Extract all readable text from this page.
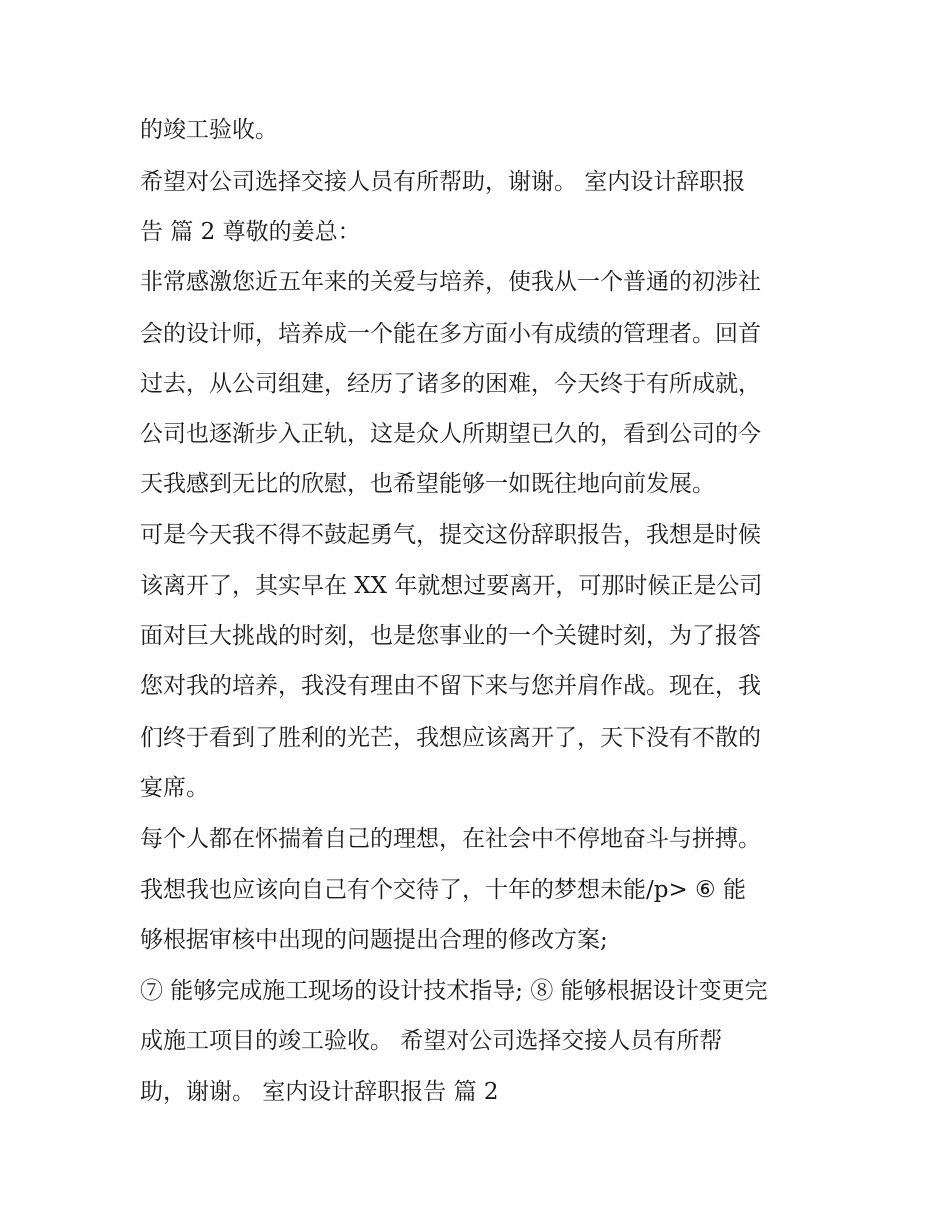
的竣工验收。
希望对公司选择交接人员有所帮助，谢谢。 室内设计辞职报
告 篇 2 尊敬的姜总：
非常感激您近五年来的关爱与培养，使我从一个普通的初涉社
会的设计师，培养成一个能在多方面小有成绩的管理者。回首
过去，从公司组建，经历了诸多的困难，今天终于有所成就，
公司也逐渐步入正轨，这是众人所期望已久的，看到公司的今
天我感到无比的欣慰，也希望能够一如既往地向前发展。
可是今天我不得不鼓起勇气，提交这份辞职报告，我想是时候
该离开了，其实早在 XX 年就想过要离开，可那时候正是公司
面对巨大挑战的时刻，也是您事业的一个关键时刻，为了报答
您对我的培养，我没有理由不留下来与您并肩作战。现在，我
们终于看到了胜利的光芒，我想应该离开了，天下没有不散的
宴席。
每个人都在怀揣着自己的理想，在社会中不停地奋斗与拼搏。
我想我也应该向自己有个交待了，十年的梦想未能/p> ⑥ 能
够根据审核中出现的问题提出合理的修改方案;
⑦ 能够完成施工现场的设计技术指导; ⑧ 能够根据设计变更完
成施工项目的竣工验收。 希望对公司选择交接人员有所帮
助，谢谢。 室内设计辞职报告 篇 2
